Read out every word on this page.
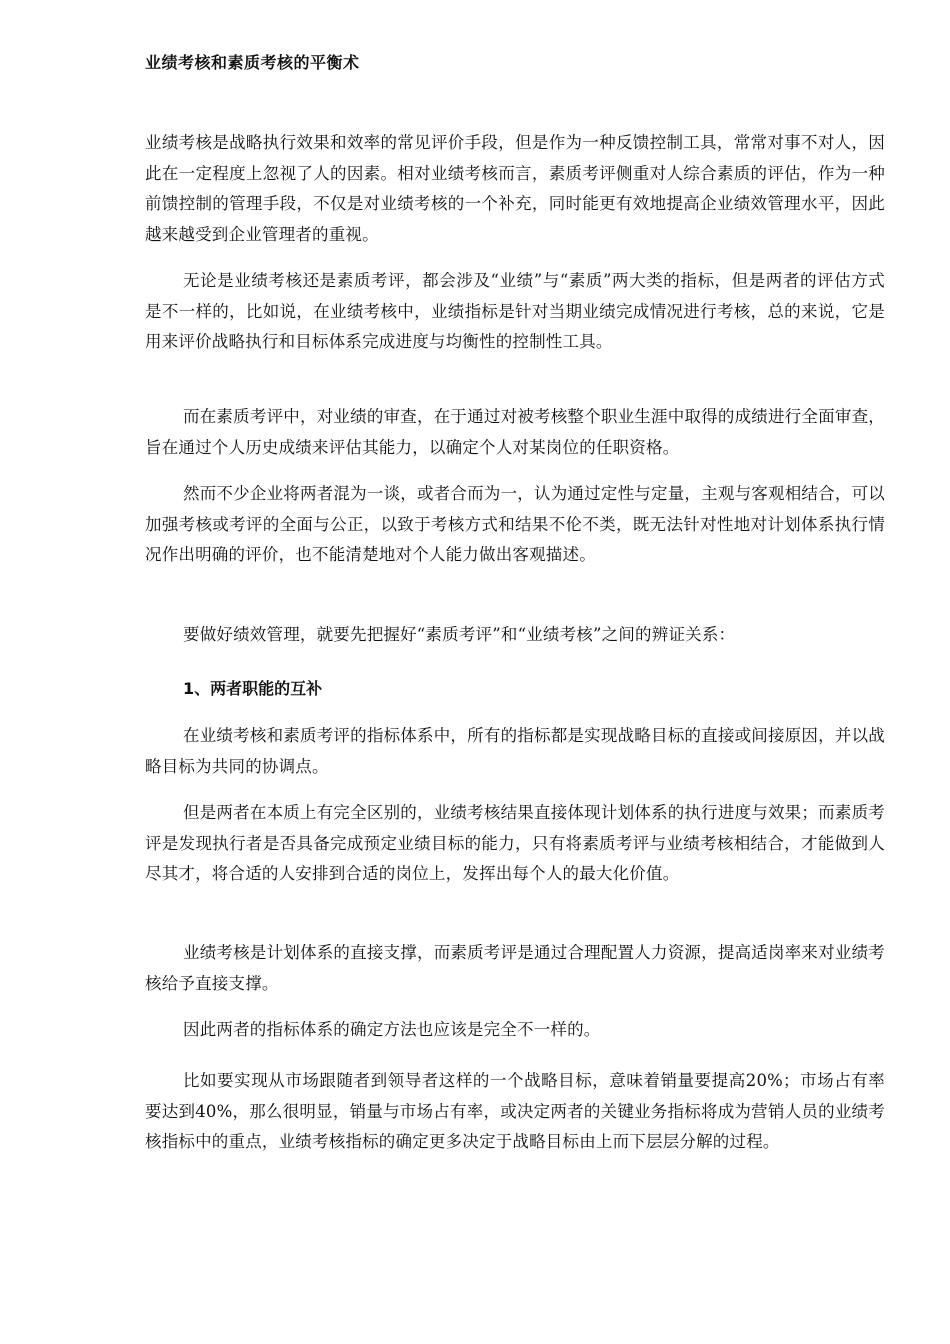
业绩考核和素质考核的平衡术

业绩考核是战略执行效果和效率的常见评价手段，但是作为一种反馈控制工具，常常对事不对人，因此在一定程度上忽视了人的因素。相对业绩考核而言，素质考评侧重对人综合素质的评估，作为一种前馈控制的管理手段，不仅是对业绩考核的一个补充，同时能更有效地提高企业绩效管理水平，因此越来越受到企业管理者的重视。

无论是业绩考核还是素质考评，都会涉及“业绩”与“素质”两大类的指标，但是两者的评估方式是不一样的，比如说，在业绩考核中，业绩指标是针对当期业绩完成情况进行考核，总的来说，它是用来评价战略执行和目标体系完成进度与均衡性的控制性工具。

而在素质考评中，对业绩的审查，在于通过对被考核整个职业生涯中取得的成绩进行全面审查，旨在通过个人历史成绩来评估其能力，以确定个人对某岗位的任职资格。

然而不少企业将两者混为一谈，或者合而为一，认为通过定性与定量，主观与客观相结合，可以加强考核或考评的全面与公正，以致于考核方式和结果不伦不类，既无法针对性地对计划体系执行情况作出明确的评价，也不能清楚地对个人能力做出客观描述。

要做好绩效管理，就要先把握好“素质考评”和“业绩考核”之间的辨证关系：

1、两者职能的互补

在业绩考核和素质考评的指标体系中，所有的指标都是实现战略目标的直接或间接原因，并以战略目标为共同的协调点。

但是两者在本质上有完全区别的，业绩考核结果直接体现计划体系的执行进度与效果；而素质考评是发现执行者是否具备完成预定业绩目标的能力，只有将素质考评与业绩考核相结合，才能做到人尽其才，将合适的人安排到合适的岗位上，发挥出每个人的最大化价值。

业绩考核是计划体系的直接支撑，而素质考评是通过合理配置人力资源，提高适岗率来对业绩考核给予直接支撑。

因此两者的指标体系的确定方法也应该是完全不一样的。

比如要实现从市场跟随者到领导者这样的一个战略目标，意味着销量要提高20%；市场占有率要达到40%，那么很明显，销量与市场占有率，或决定两者的关键业务指标将成为营销人员的业绩考核指标中的重点，业绩考核指标的确定更多决定于战略目标由上而下层层分解的过程。
